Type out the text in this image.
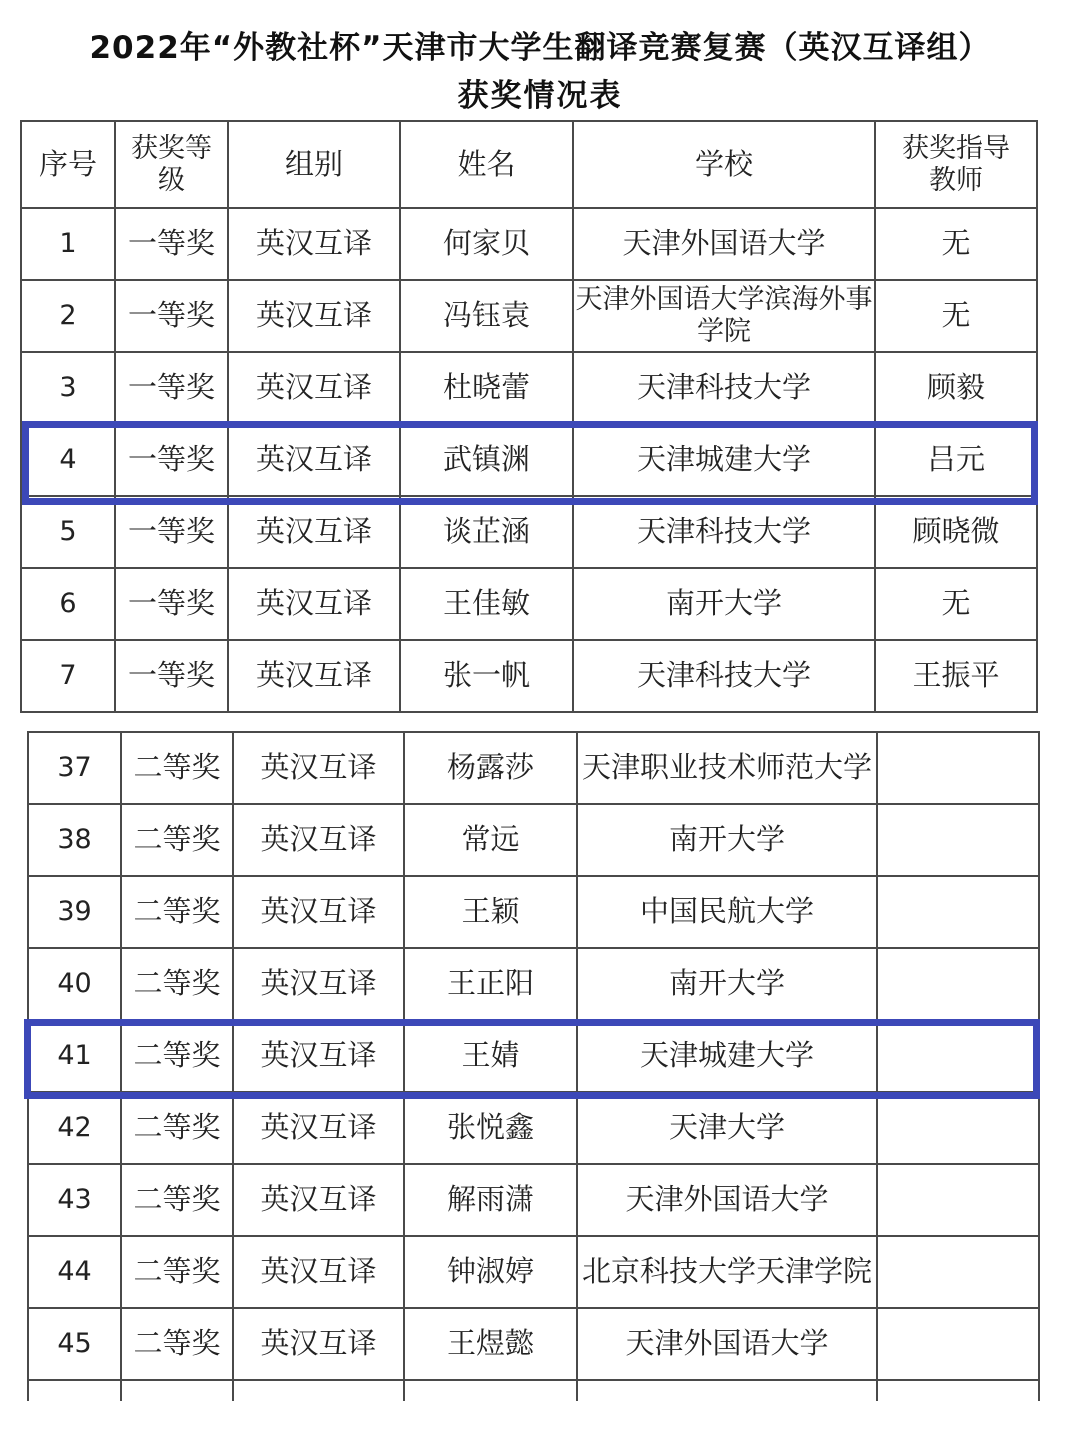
2022年“外教社杯”天津市大学生翻译竞赛复赛（英汉互译组）
获奖情况表
序号	获奖等级	组别	姓名	学校	获奖指导教师
1	一等奖	英汉互译	何家贝	天津外国语大学	无
2	一等奖	英汉互译	冯钰袁	天津外国语大学滨海外事学院	无
3	一等奖	英汉互译	杜晓蕾	天津科技大学	顾毅
4	一等奖	英汉互译	武镇渊	天津城建大学	吕元
5	一等奖	英汉互译	谈芷涵	天津科技大学	顾晓微
6	一等奖	英汉互译	王佳敏	南开大学	无
7	一等奖	英汉互译	张一帆	天津科技大学	王振平
37	二等奖	英汉互译	杨露莎	天津职业技术师范大学	
38	二等奖	英汉互译	常远	南开大学	
39	二等奖	英汉互译	王颖	中国民航大学	
40	二等奖	英汉互译	王正阳	南开大学	
41	二等奖	英汉互译	王婧	天津城建大学	
42	二等奖	英汉互译	张悦鑫	天津大学	
43	二等奖	英汉互译	解雨潇	天津外国语大学	
44	二等奖	英汉互译	钟淑婷	北京科技大学天津学院	
45	二等奖	英汉互译	王煜懿	天津外国语大学	
